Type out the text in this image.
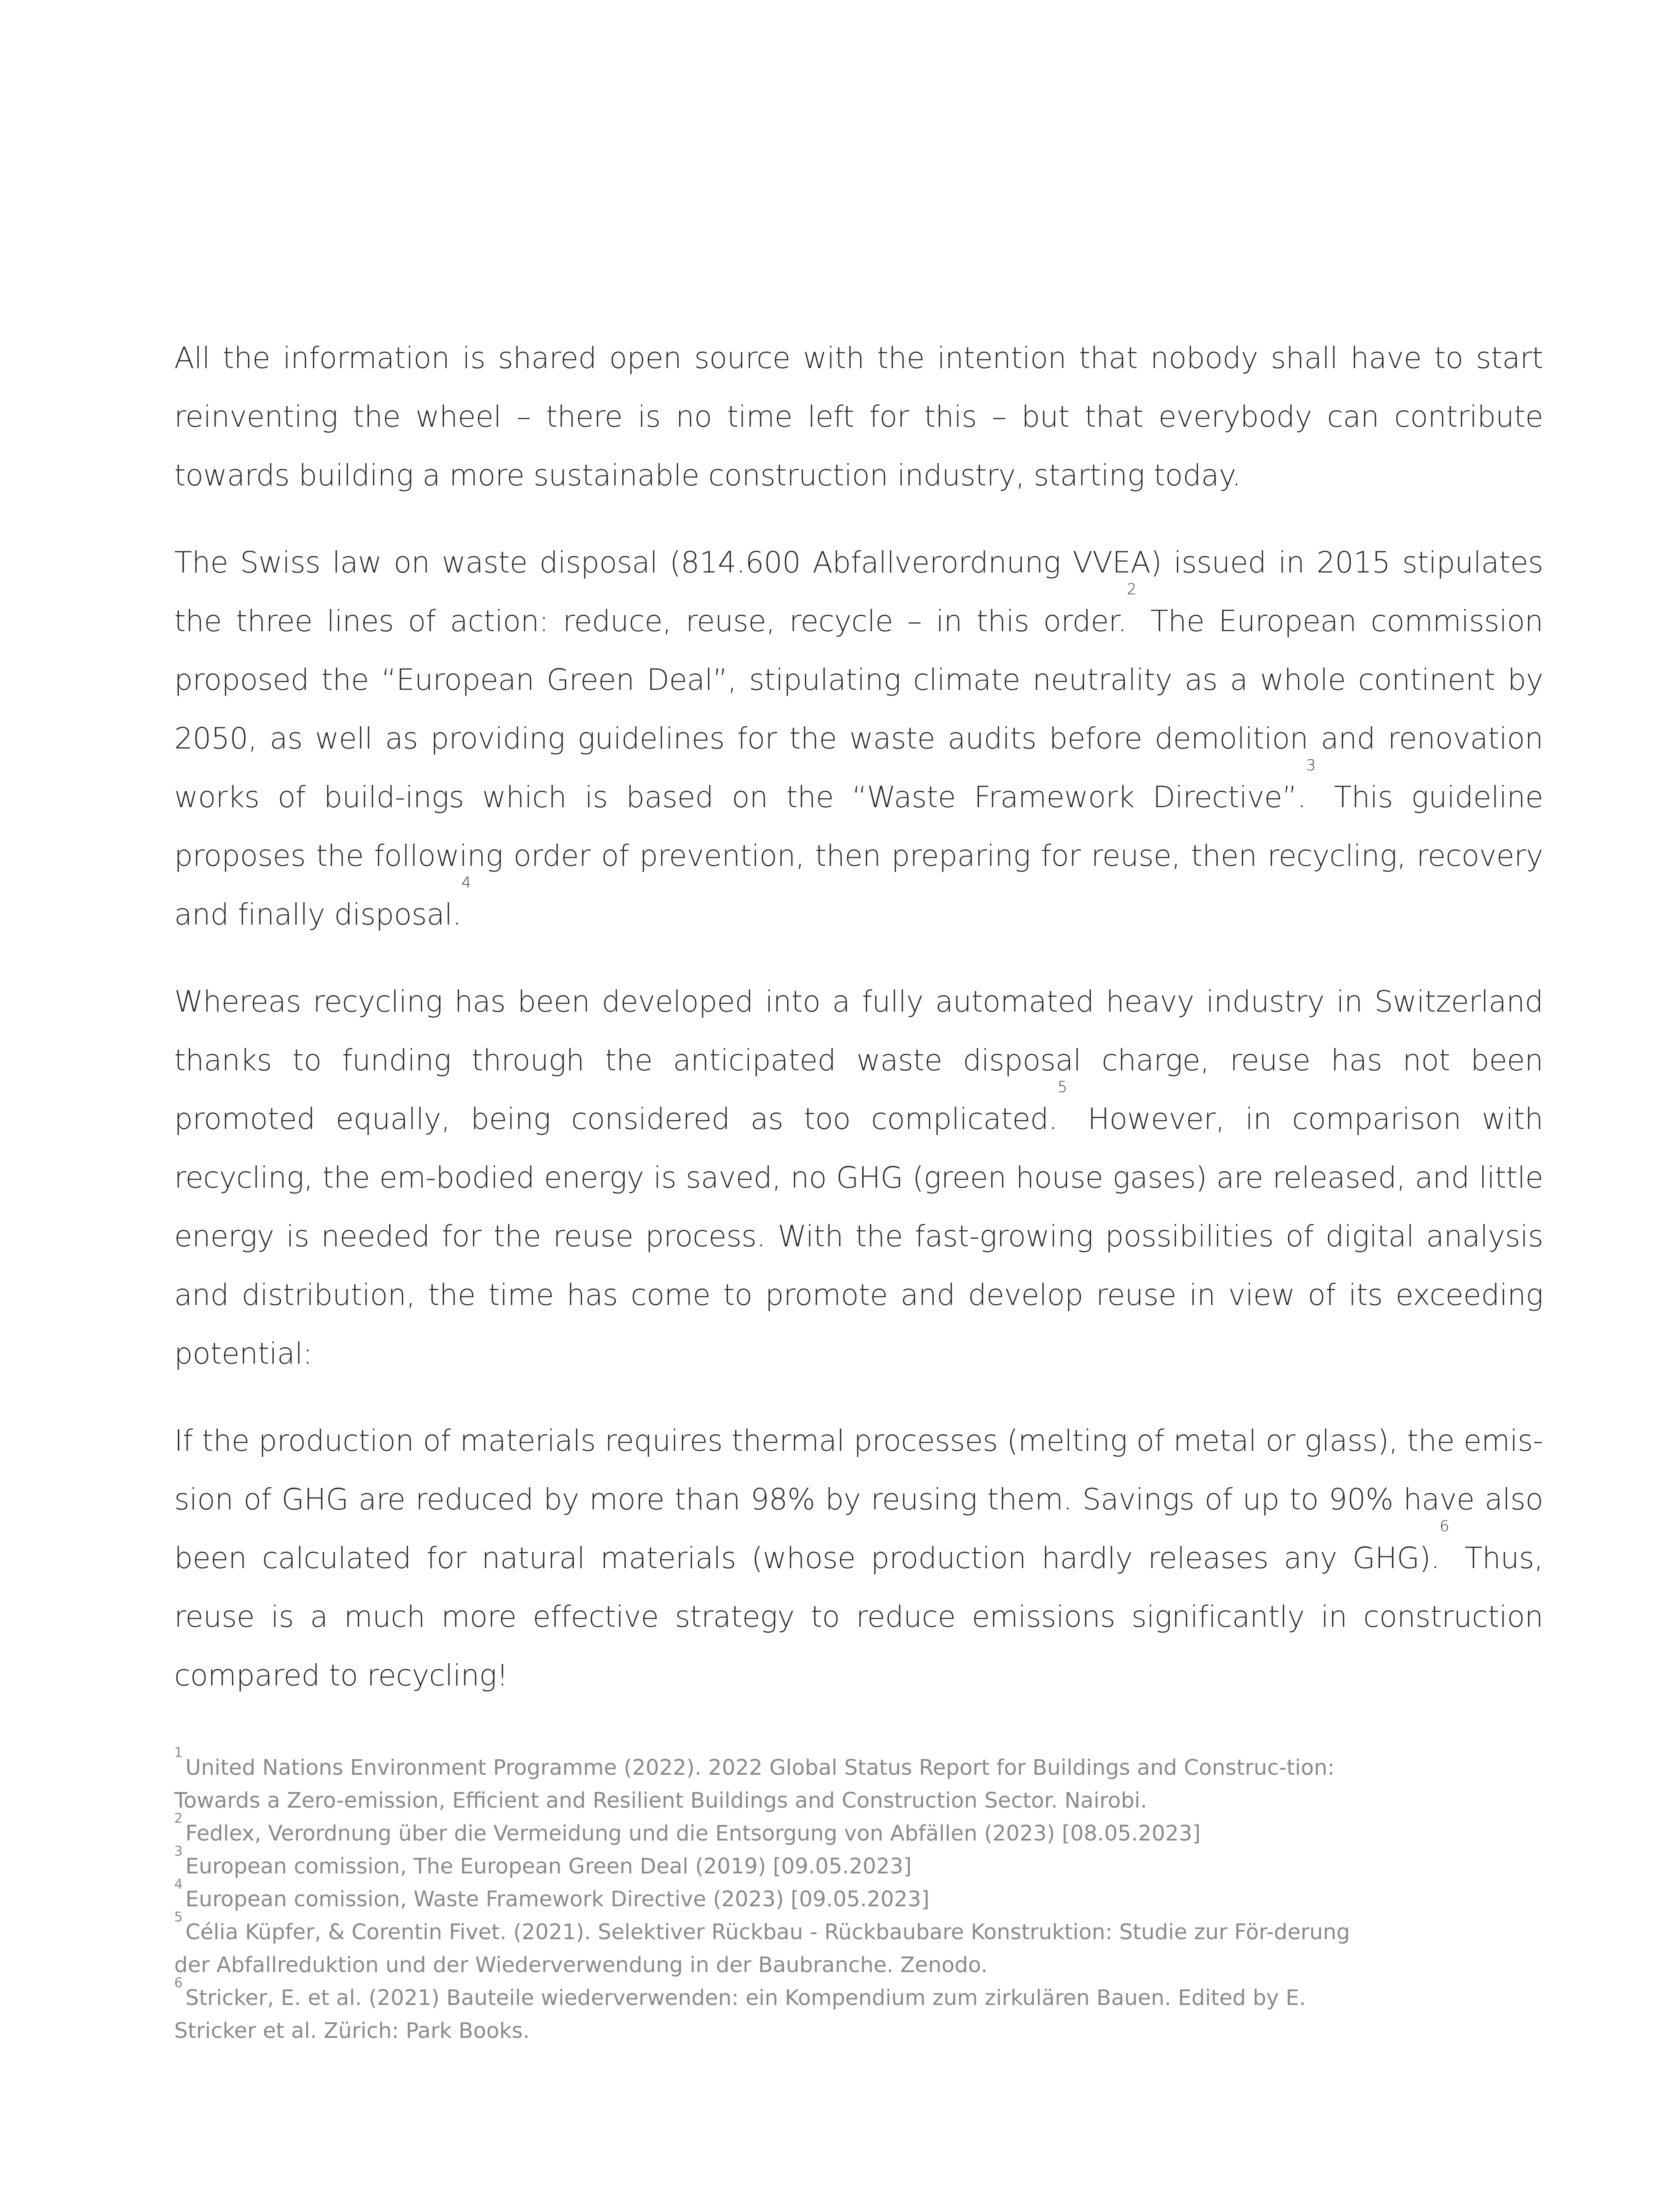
All the information is shared open source with the intention that nobody shall have to start reinventing the wheel – there is no time left for this – but that everybody can contribute towards building a more sustainable construction industry, starting today.

The Swiss law on waste disposal (814.600 Abfallverordnung VVEA) issued in 2015 stipulates the three lines of action: reduce, reuse, recycle – in this order.$^2$ The European commission proposed the “European Green Deal”, stipulating climate neutrality as a whole continent by 2050, as well as providing guidelines for the waste audits before demolition and renovation works of build-ings which is based on the “Waste Framework Directive”.$^3$ This guideline proposes the following order of prevention, then preparing for reuse, then recycling, recovery and finally disposal.$^4$

Whereas recycling has been developed into a fully automated heavy industry in Switzerland thanks to funding through the anticipated waste disposal charge, reuse has not been promoted equally, being considered as too complicated.$^5$ However, in comparison with recycling, the em-bodied energy is saved, no GHG (green house gases) are released, and little energy is needed for the reuse process. With the fast-growing possibilities of digital analysis and distribution, the time has come to promote and develop reuse in view of its exceeding potential:

If the production of materials requires thermal processes (melting of metal or glass), the emis-sion of GHG are reduced by more than 98% by reusing them. Savings of up to 90% have also been calculated for natural materials (whose production hardly releases any GHG).$^6$ Thus, reuse is a much more effective strategy to reduce emissions significantly in construction compared to recycling!

$^1$United Nations Environment Programme (2022). 2022 Global Status Report for Buildings and Construc-tion: Towards a Zero-emission, Efficient and Resilient Buildings and Construction Sector. Nairobi.

$^2$Fedlex, Verordnung über die Vermeidung und die Entsorgung von Abfällen (2023) [08.05.2023]

$^3$European comission, The European Green Deal (2019) [09.05.2023]

$^4$European comission, Waste Framework Directive (2023) [09.05.2023]

$^5$Célia Küpfer, & Corentin Fivet. (2021). Selektiver Rückbau - Rückbaubare Konstruktion: Studie zur För-derung der Abfallreduktion und der Wiederverwendung in der Baubranche. Zenodo.

$^6$Stricker, E. et al. (2021) Bauteile wiederverwenden: ein Kompendium zum zirkulären Bauen. Edited by E. Stricker et al. Zürich: Park Books.
